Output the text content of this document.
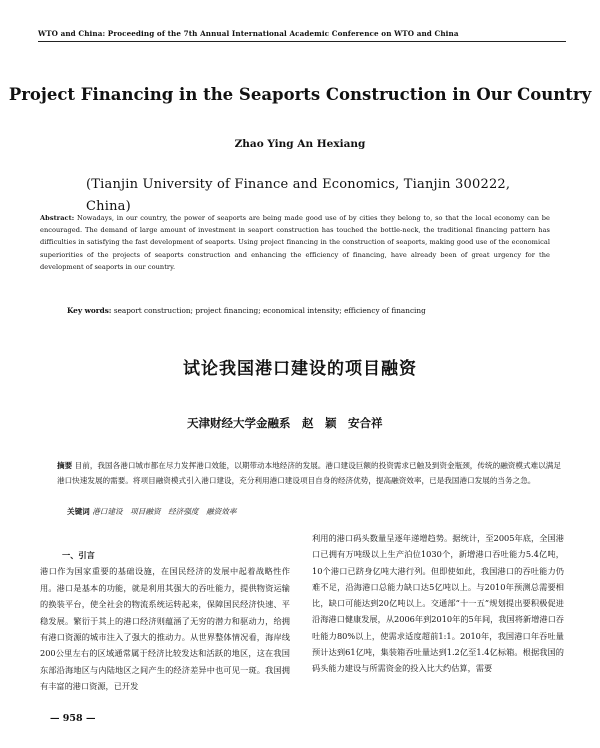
WTO and China: Proceeding of the 7th Annual International Academic Conference on WTO and China
Project Financing in the Seaports Construction in Our Country
Zhao Ying An Hexiang
(Tianjin University of Finance and Economics, Tianjin 300222, China)
Abstract: Nowadays, in our country, the power of seaports are being made good use of by cities they belong to, so that the local economy can be encouraged. The demand of large amount of investment in seaport construction has touched the bottle-neck, the traditional financing pattern has difficulties in satisfying the fast development of seaports. Using project financing in the construction of seaports, making good use of the economical superiorities of the projects of seaports construction and enhancing the efficiency of financing, have already been of great urgency for the development of seaports in our country.
Key words: seaport construction; project financing; economical intensity; efficiency of financing
试论我国港口建设的项目融资
天津财经大学金融系　赵　颖　安合祥
摘要 目前，我国各港口城市都在尽力发挥港口效能，以期带动本地经济的发展。港口建设巨额的投资需求已触及到资金瓶颈，传统的融资模式难以满足港口快速发展的需要。将项目融资模式引入港口建设，充分利用港口建设项目自身的经济优势，提高融资效率，已是我国港口发展的当务之急。
关键词 港口建设　项目融资　经济强度　融资效率
一、引言
港口作为国家重要的基础设施，在国民经济的发展中起着战略性作用。港口是基本的功能，就是利用其强大的吞吐能力，提供物资运输的换装平台，使全社会的物流系统运转起来，保障国民经济快速、平稳发展。繁衍于其上的港口经济则蕴涵了无穷的潜力和驱动力，给拥有港口资源的城市注入了强大的推动力。从世界整体情况看，海岸线200公里左右的区域通常属于经济比较发达和活跃的地区，这在我国东部沿海地区与内陆地区之间产生的经济差异中也可见一斑。我国拥有丰富的港口资源，已开发
利用的港口码头数量呈逐年递增趋势。据统计，至2005年底，全国港口已拥有万吨级以上生产泊位1030个，新增港口吞吐能力5.4亿吨，10个港口已跻身亿吨大港行列。但即使如此，我国港口的吞吐能力仍难不足，沿海港口总能力缺口达5亿吨以上。与2010年预测总需要相比，缺口可能达到20亿吨以上。交通部“十一五”规划提出要积极促进沿海港口健康发展，从2006年到2010年的5年间，我国将新增港口吞吐能力80%以上，使需求适度超前1:1。2010年，我国港口年吞吐量预计达到61亿吨，集装箱吞吐量达到1.2亿至1.4亿标箱。根据我国的码头能力建设与所需资金的投入比大约估算，需要
— 958 —
